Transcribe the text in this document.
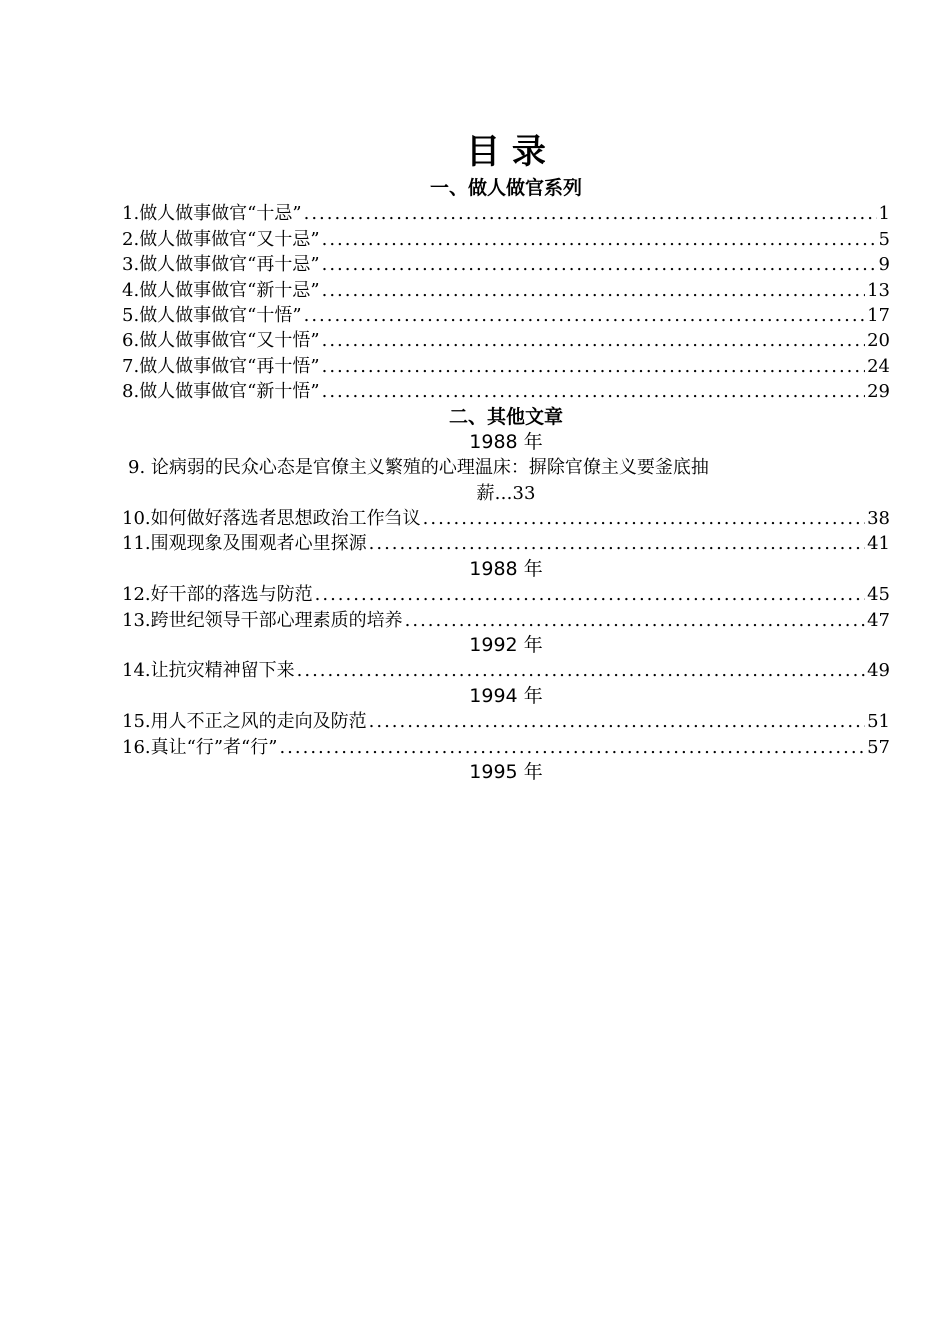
目 录
一、做人做官系列
1. 做人做事做官“十忌” .....	1
2. 做人做事做官“又十忌” .....	5
3. 做人做事做官“再十忌” .....	9
4. 做人做事做官“新十忌” .....	13
5. 做人做事做官“十悟” .....	17
6. 做人做事做官“又十悟” .....	20
7. 做人做事做官“再十悟” .....	24
8. 做人做事做官“新十悟” .....	29
二、其他文章
1988 年
9. 论病弱的民众心态是官僚主义繁殖的心理温床：摒除官僚主义要釜底抽
薪…33
10. 如何做好落选者思想政治工作刍议 .....	38
11. 围观现象及围观者心里探源 .....	41
1988 年
12. 好干部的落选与防范 .....	45
13. 跨世纪领导干部心理素质的培养 .....	47
1992 年
14. 让抗灾精神留下来 .....	49
1994 年
15. 用人不正之风的走向及防范 .....	51
16. 真让“行”者“行” .....	57
1995 年
